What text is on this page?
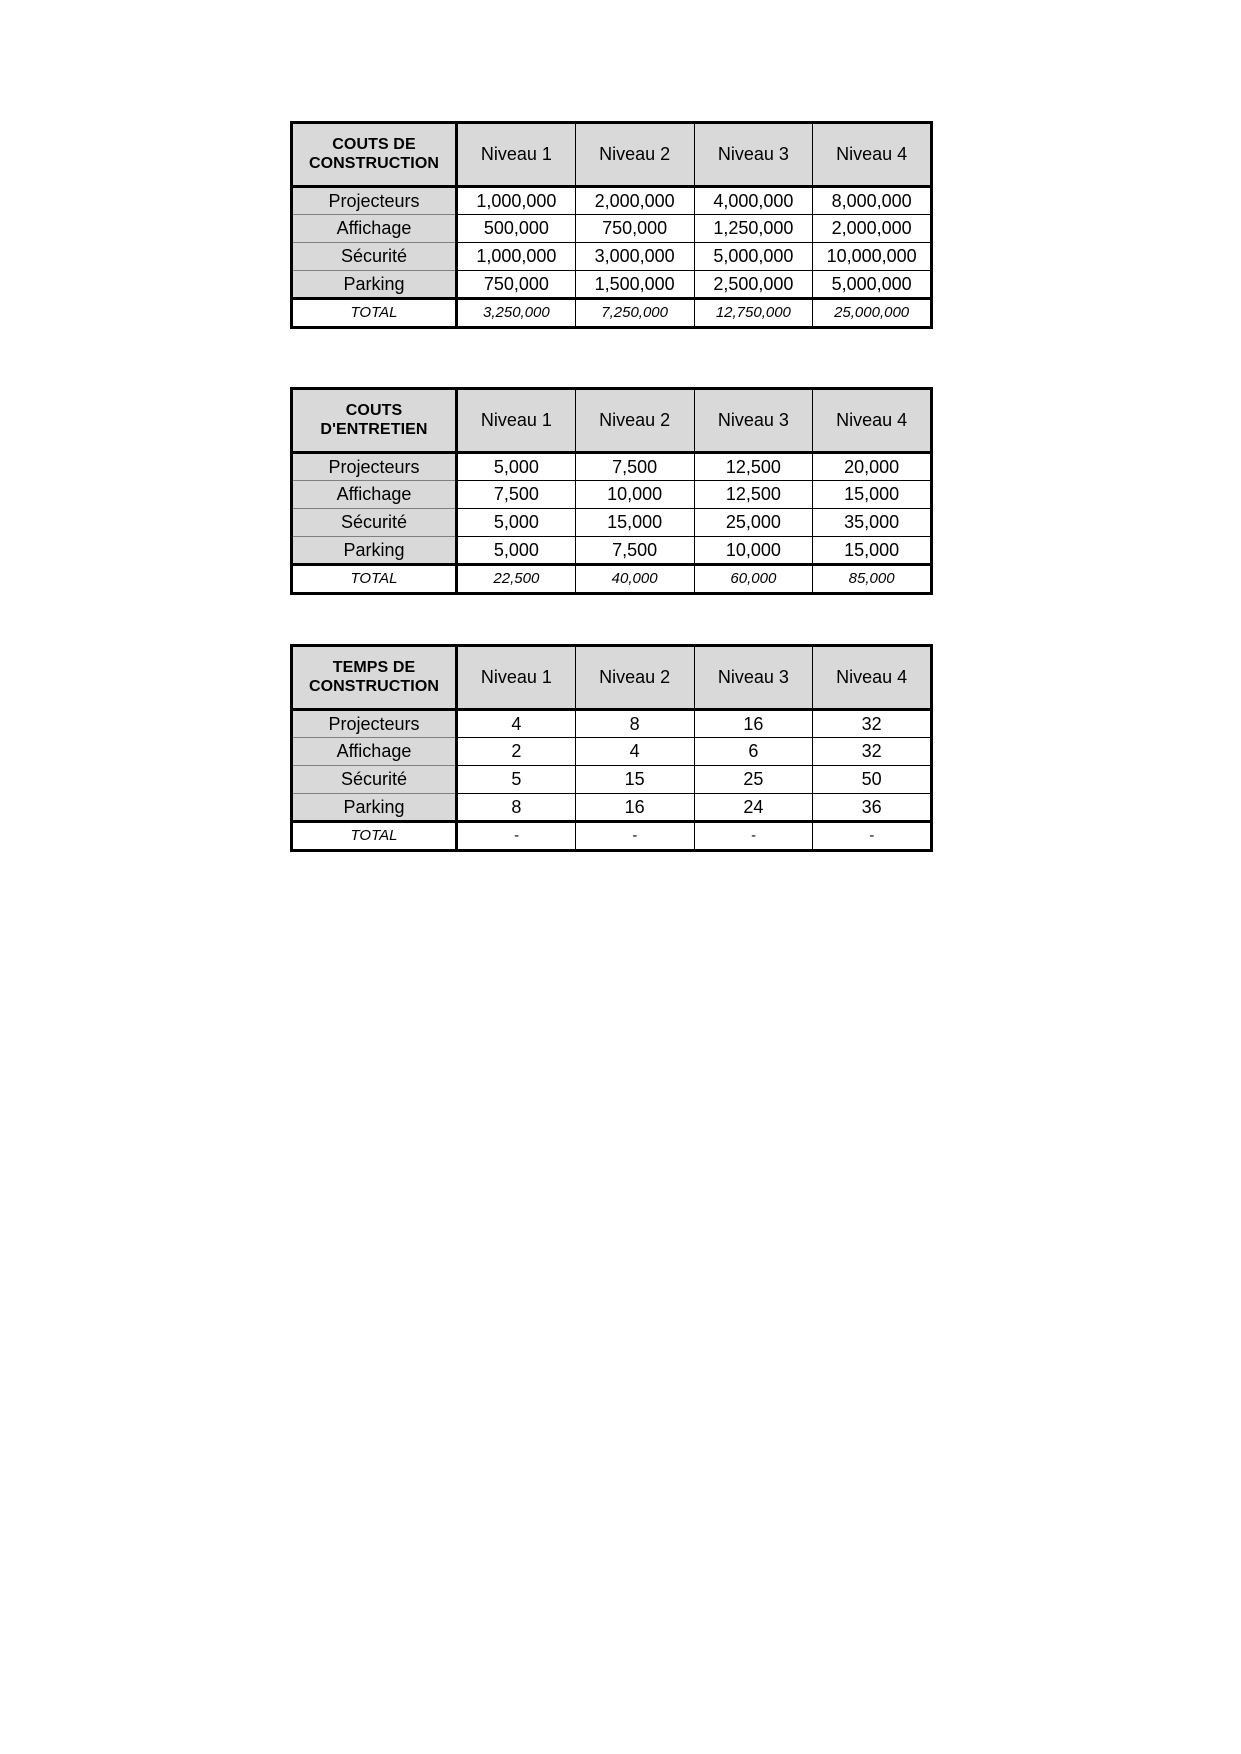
COUTS DE
CONSTRUCTION	Niveau 1	Niveau 2	Niveau 3	Niveau 4
Projecteurs	1,000,000	2,000,000	4,000,000	8,000,000
Affichage	500,000	750,000	1,250,000	2,000,000
Sécurité	1,000,000	3,000,000	5,000,000	10,000,000
Parking	750,000	1,500,000	2,500,000	5,000,000
TOTAL	3,250,000	7,250,000	12,750,000	25,000,000
COUTS D'ENTRETIEN	Niveau 1	Niveau 2	Niveau 3	Niveau 4
Projecteurs	5,000	7,500	12,500	20,000
Affichage	7,500	10,000	12,500	15,000
Sécurité	5,000	15,000	25,000	35,000
Parking	5,000	7,500	10,000	15,000
TOTAL	22,500	40,000	60,000	85,000
TEMPS DE
CONSTRUCTION	Niveau 1	Niveau 2	Niveau 3	Niveau 4
Projecteurs	4	8	16	32
Affichage	2	4	6	32
Sécurité	5	15	25	50
Parking	8	16	24	36
TOTAL	-	-	-	-
